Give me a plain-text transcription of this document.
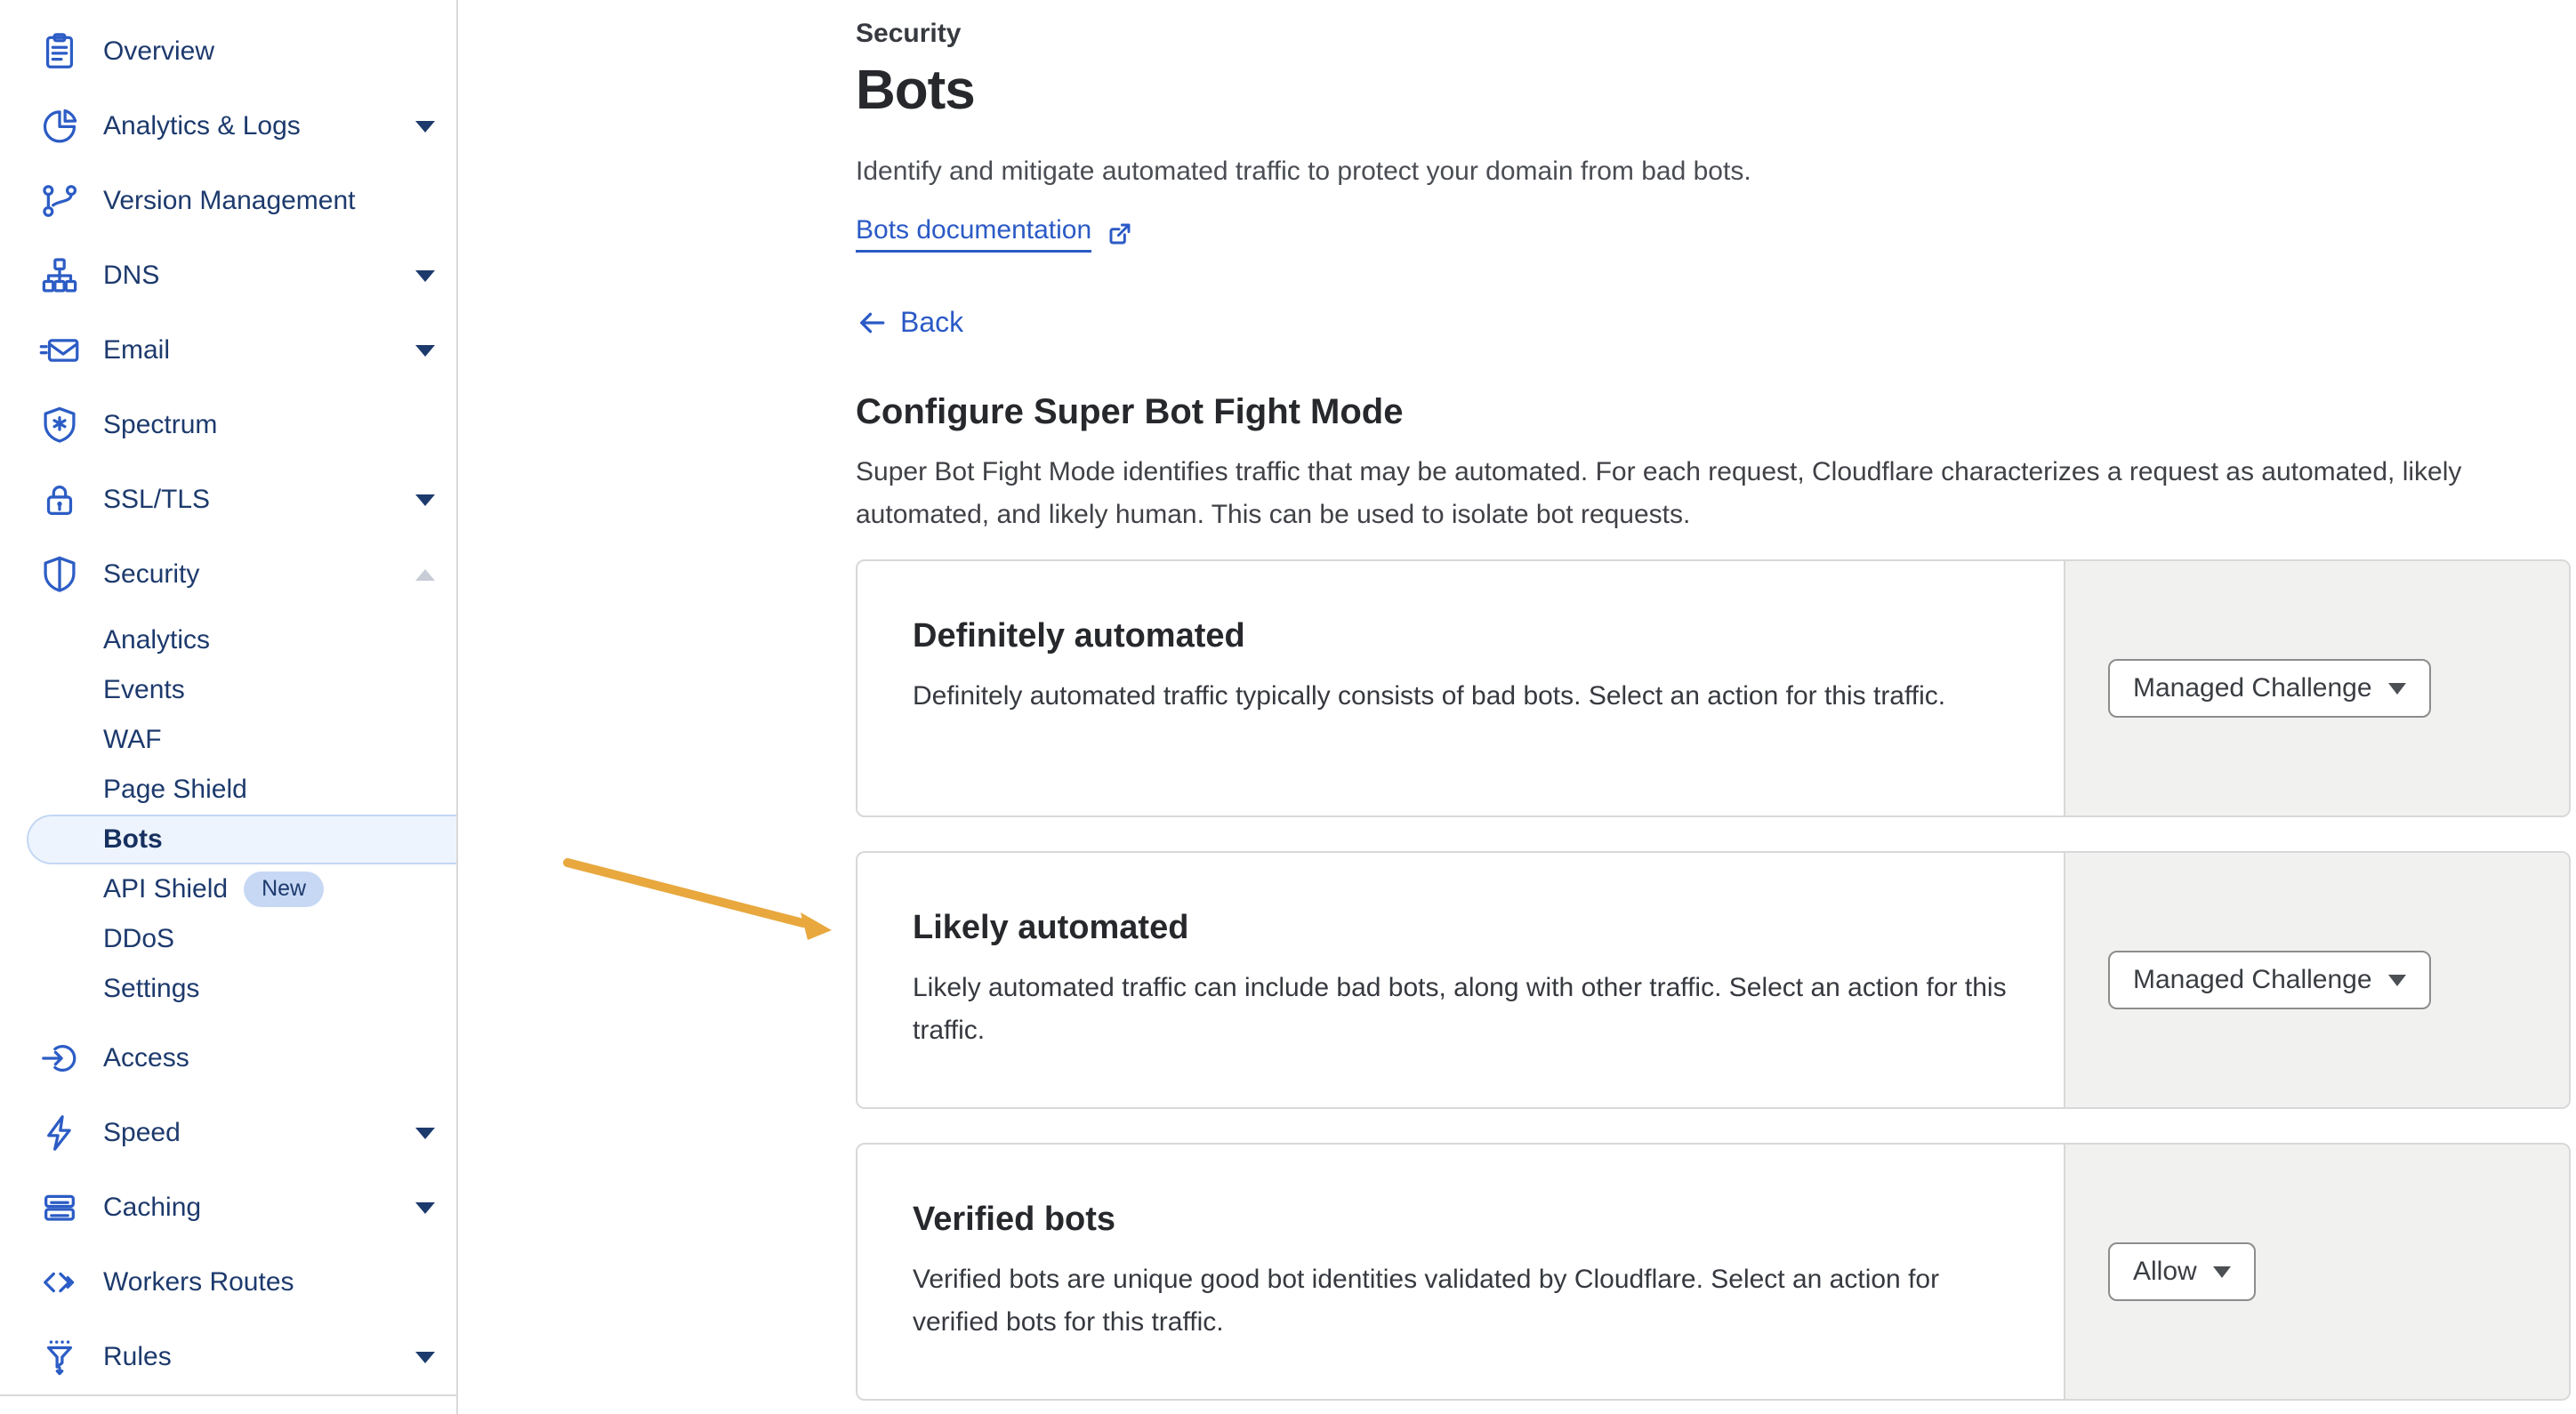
Overview
Analytics & Logs
Version Management
DNS
Email
Spectrum
SSL/TLS
Security
Analytics
Events
WAF
Page Shield
Bots
API Shield	New
DDoS
Settings
Access
Speed
Caching
Workers Routes
Rules
Security
Bots

Identify and mitigate automated traffic to protect your domain from bad bots.

Bots documentation
Back
Configure Super Bot Fight Mode

Super Bot Fight Mode identifies traffic that may be automated. For each request, Cloudflare characterizes a request as automated, likely automated, and likely human. This can be used to isolate bot requests.

Definitely automated

Definitely automated traffic typically consists of bad bots. Select an action for this traffic.	Managed Challenge
Likely automated

Likely automated traffic can include bad bots, along with other traffic. Select an action for this traffic.

Managed Challenge
Verified bots

Verified bots are unique good bot identities validated by Cloudflare. Select an action for verified bots for this traffic.

Allow
